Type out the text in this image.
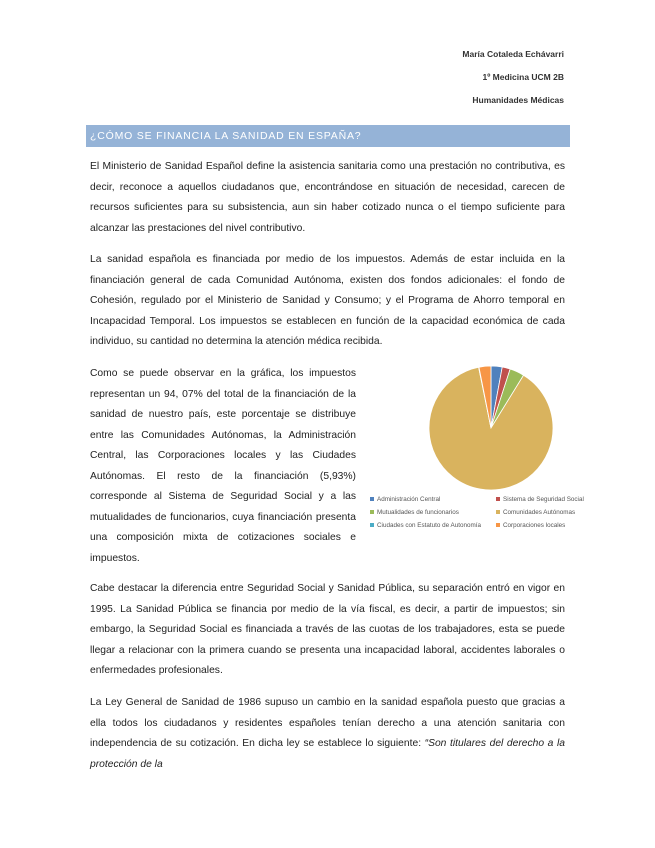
María Cotaleda Echávarri
1º Medicina UCM 2B
Humanidades Médicas
¿CÓMO SE FINANCIA LA SANIDAD EN ESPAÑA?

El Ministerio de Sanidad Español define la asistencia sanitaria como una prestación no contributiva, es decir, reconoce a aquellos ciudadanos que, encontrándose en situación de necesidad, carecen de recursos suficientes para su subsistencia, aun sin haber cotizado nunca o el tiempo suficiente para alcanzar las prestaciones del nivel contributivo.

La sanidad española es financiada por medio de los impuestos. Además de estar incluida en la financiación general de cada Comunidad Autónoma, existen dos fondos adicionales: el fondo de Cohesión, regulado por el Ministerio de Sanidad y Consumo; y el Programa de Ahorro temporal en Incapacidad Temporal. Los impuestos se establecen en función de la capacidad económica de cada individuo, su cantidad no determina la atención médica recibida.

Como se puede observar en la gráfica, los impuestos representan un 94, 07% del total de la financiación de la sanidad de nuestro país, este porcentaje se distribuye entre las Comunidades Autónomas, la Administración Central, las Corporaciones locales y las Ciudades Autónomas. El resto de la financiación (5,93%) corresponde al Sistema de Seguridad Social y a las mutualidades de funcionarios, cuya financiación presenta una composición mixta de cotizaciones sociales e impuestos.

Administración Central	Sistema de Seguridad Social
Mutualidades de funcionarios	Comunidades Autónomas
Ciudades con Estatuto de Autonomía	Corporaciones locales

Cabe destacar la diferencia entre Seguridad Social y Sanidad Pública, su separación entró en vigor en 1995. La Sanidad Pública se financia por medio de la vía fiscal, es decir, a partir de impuestos; sin embargo, la Seguridad Social es financiada a través de las cuotas de los trabajadores, esta se puede llegar a relacionar con la primera cuando se presenta una incapacidad laboral, accidentes laborales o enfermedades profesionales.

La Ley General de Sanidad de 1986 supuso un cambio en la sanidad española puesto que gracias a ella todos los ciudadanos y residentes españoles tenían derecho a una atención sanitaria con independencia de su cotización. En dicha ley se establece lo siguiente: “Son titulares del derecho a la protección de la
